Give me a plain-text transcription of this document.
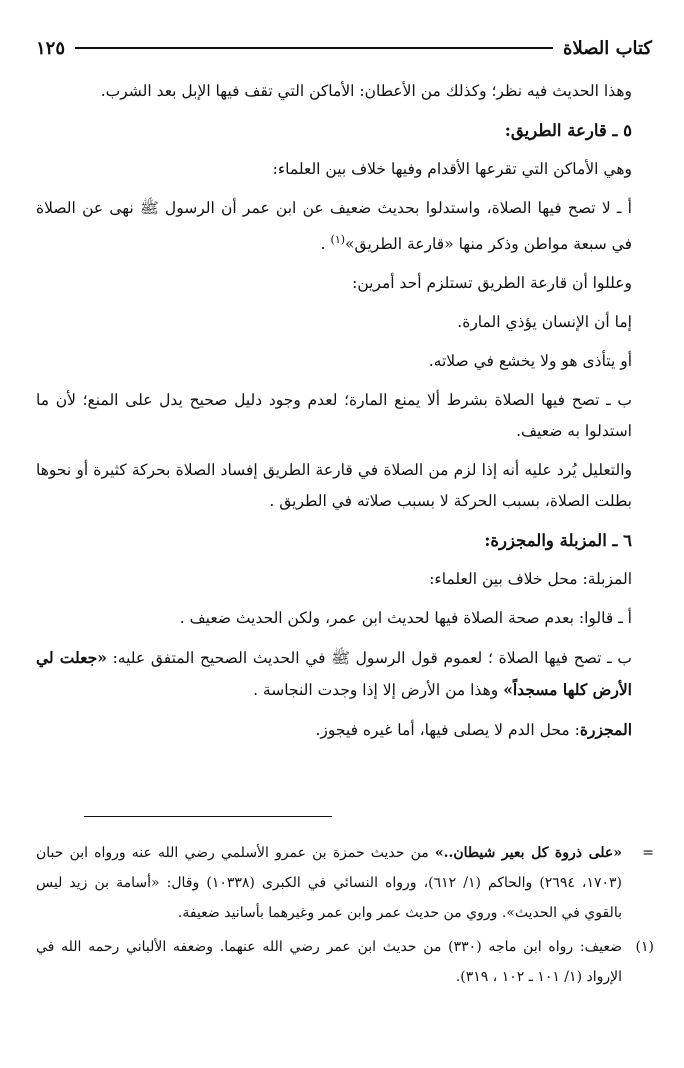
كتاب الصلاة
١٢٥

وهذا الحديث فيه نظر؛ وكذلك من الأعطان: الأماكن التي تقف فيها الإبل بعد الشرب.

٥ ـ قارعة الطريق:

وهي الأماكن التي تقرعها الأقدام وفيها خلاف بين العلماء:

أ ـ لا تصح فيها الصلاة، واستدلوا بحديث ضعيف عن ابن عمر أن الرسول ﷺ نهى عن الصلاة في سبعة مواطن وذكر منها «قارعة الطريق»$^{(١)}$ .

وعللوا أن قارعة الطريق تستلزم أحد أمرين:

إما أن الإنسان يؤذي المارة.

أو يتأذى هو ولا يخشع في صلاته.

ب ـ تصح فيها الصلاة بشرط ألا يمنع المارة؛ لعدم وجود دليل صحيح يدل على المنع؛ لأن ما استدلوا به ضعيف.

والتعليل يُرد عليه أنه إذا لزم من الصلاة في قارعة الطريق إفساد الصلاة بحركة كثيرة أو نحوها بطلت الصلاة، بسبب الحركة لا بسبب صلاته في الطريق .

٦ ـ المزبلة والمجزرة:

المزبلة: محل خلاف بين العلماء:

أ ـ قالوا: بعدم صحة الصلاة فيها لحديث ابن عمر، ولكن الحديث ضعيف .

ب ـ تصح فيها الصلاة ؛ لعموم قول الرسول ﷺ في الحديث الصحيح المتفق عليه: «جعلت لي الأرض كلها مسجداً» وهذا من الأرض إلا إذا وجدت النجاسة .

المجزرة: محل الدم لا يصلى فيها، أما غيره فيجوز.

=
«على ذروة كل بعير شيطان..» من حديث حمزة بن عمرو الأسلمي رضي الله عنه ورواه ابن حبان (١٧٠٣، ٢٦٩٤) والحاكم (١/ ٦١٢)، ورواه النسائي في الكبرى (١٠٣٣٨) وقال: «أسامة بن زيد ليس بالقوي في الحديث». وروي من حديث عمر وابن عمر وغيرهما بأسانيد ضعيفة.

(١)
ضعيف: رواه ابن ماجه (٣٣٠) من حديث ابن عمر رضي الله عنهما. وضعفه الألباني رحمه الله في الإرواد (١/ ١٠١ ـ ١٠٢ ، ٣١٩).
